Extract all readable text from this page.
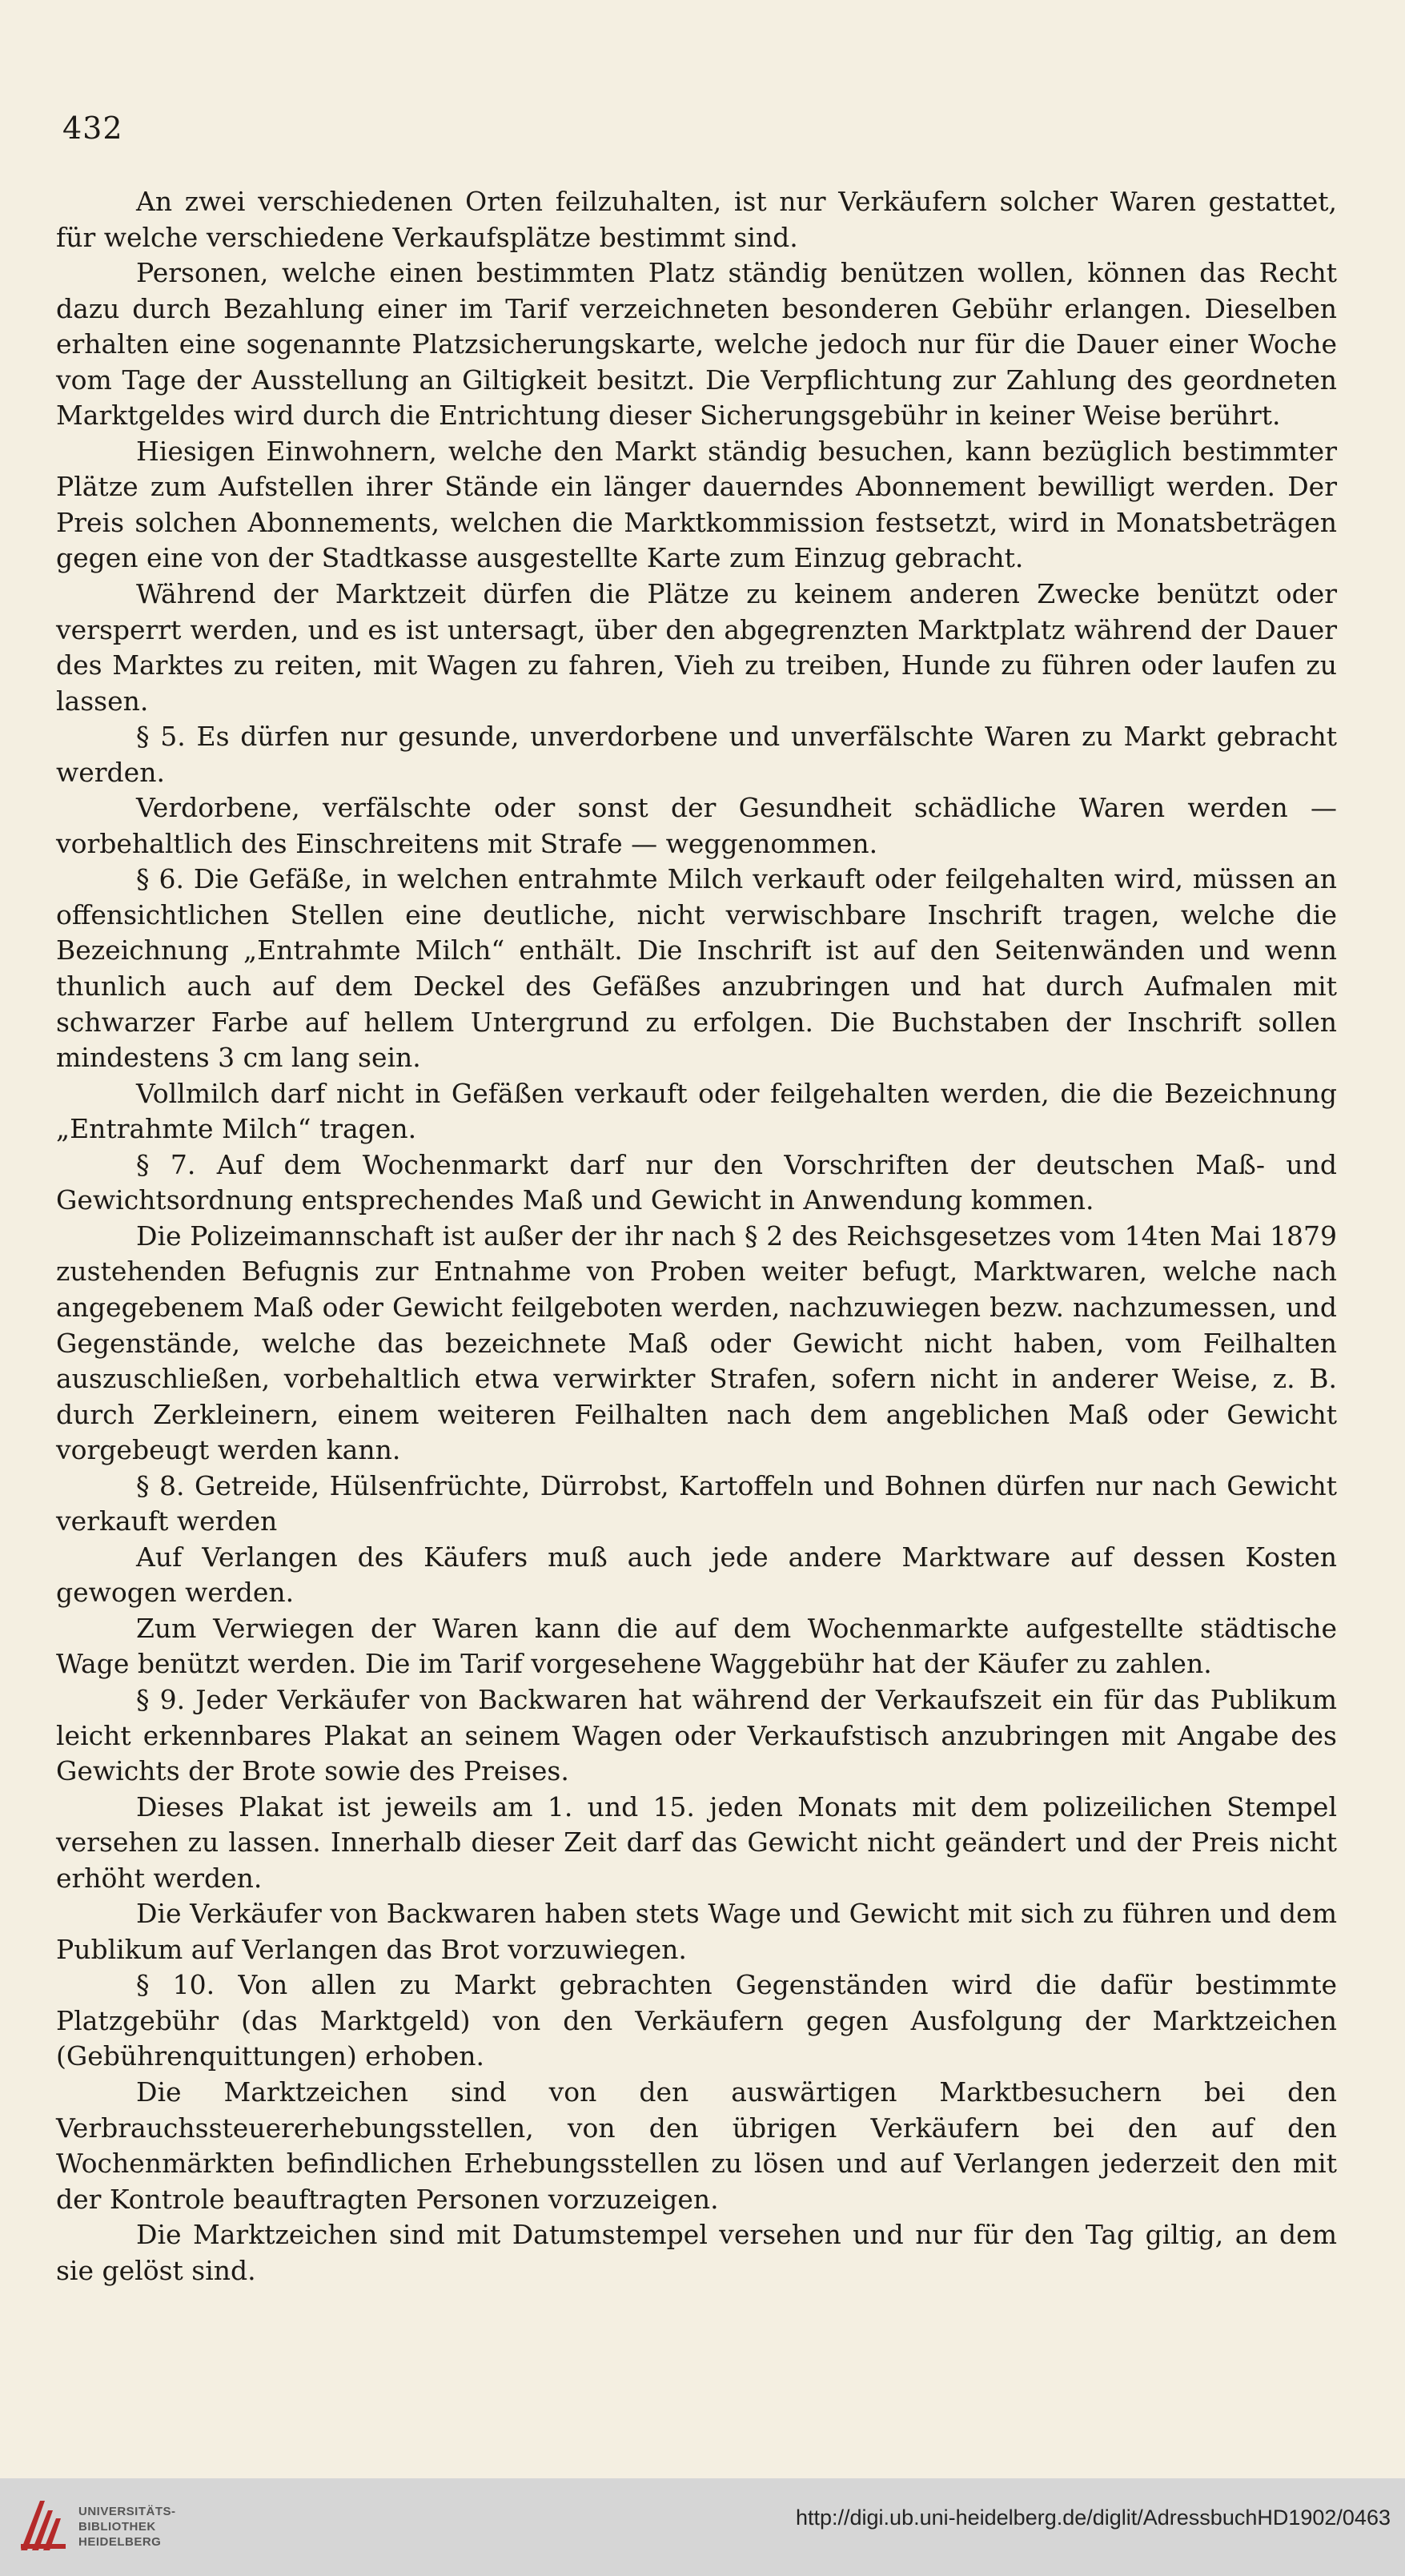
432

An zwei verschiedenen Orten feilzuhalten, ist nur Verkäufern solcher Waren gestattet, für welche verschiedene Verkaufsplätze bestimmt sind.

Personen, welche einen bestimmten Platz ständig benützen wollen, können das Recht dazu durch Bezahlung einer im Tarif verzeichneten besonderen Gebühr erlangen. Dieselben erhalten eine sogenannte Platzsicherungskarte, welche jedoch nur für die Dauer einer Woche vom Tage der Ausstellung an Giltigkeit besitzt. Die Verpflichtung zur Zahlung des geordneten Marktgeldes wird durch die Entrichtung dieser Sicherungsgebühr in keiner Weise berührt.

Hiesigen Einwohnern, welche den Markt ständig besuchen, kann bezüglich bestimmter Plätze zum Aufstellen ihrer Stände ein länger dauerndes Abonnement bewilligt werden. Der Preis solchen Abonnements, welchen die Marktkommission festsetzt, wird in Monatsbeträgen gegen eine von der Stadtkasse ausgestellte Karte zum Einzug gebracht.

Während der Marktzeit dürfen die Plätze zu keinem anderen Zwecke benützt oder versperrt werden, und es ist untersagt, über den abgegrenzten Marktplatz während der Dauer des Marktes zu reiten, mit Wagen zu fahren, Vieh zu treiben, Hunde zu führen oder laufen zu lassen.

§ 5. Es dürfen nur gesunde, unverdorbene und unverfälschte Waren zu Markt gebracht werden.

Verdorbene, verfälschte oder sonst der Gesundheit schädliche Waren werden — vorbehaltlich des Einschreitens mit Strafe — weggenommen.

§ 6. Die Gefäße, in welchen entrahmte Milch verkauft oder feilgehalten wird, müssen an offensichtlichen Stellen eine deutliche, nicht verwischbare Inschrift tragen, welche die Bezeichnung „Entrahmte Milch“ enthält. Die Inschrift ist auf den Seitenwänden und wenn thunlich auch auf dem Deckel des Gefäßes anzubringen und hat durch Aufmalen mit schwarzer Farbe auf hellem Untergrund zu erfolgen. Die Buchstaben der Inschrift sollen mindestens 3 cm lang sein.

Vollmilch darf nicht in Gefäßen verkauft oder feilgehalten werden, die die Bezeichnung „Entrahmte Milch“ tragen.

§ 7. Auf dem Wochenmarkt darf nur den Vorschriften der deutschen Maß- und Gewichtsordnung entsprechendes Maß und Gewicht in Anwendung kommen.

Die Polizeimannschaft ist außer der ihr nach § 2 des Reichsgesetzes vom 14ten Mai 1879 zustehenden Befugnis zur Entnahme von Proben weiter befugt, Marktwaren, welche nach angegebenem Maß oder Gewicht feilgeboten werden, nachzuwiegen bezw. nachzumessen, und Gegenstände, welche das bezeichnete Maß oder Gewicht nicht haben, vom Feilhalten auszuschließen, vorbehaltlich etwa verwirkter Strafen, sofern nicht in anderer Weise, z. B. durch Zerkleinern, einem weiteren Feilhalten nach dem angeblichen Maß oder Gewicht vorgebeugt werden kann.

§ 8. Getreide, Hülsenfrüchte, Dürrobst, Kartoffeln und Bohnen dürfen nur nach Gewicht verkauft werden

Auf Verlangen des Käufers muß auch jede andere Marktware auf dessen Kosten gewogen werden.

Zum Verwiegen der Waren kann die auf dem Wochenmarkte aufgestellte städtische Wage benützt werden. Die im Tarif vorgesehene Waggebühr hat der Käufer zu zahlen.

§ 9. Jeder Verkäufer von Backwaren hat während der Verkaufszeit ein für das Publikum leicht erkennbares Plakat an seinem Wagen oder Verkaufstisch anzubringen mit Angabe des Gewichts der Brote sowie des Preises.

Dieses Plakat ist jeweils am 1. und 15. jeden Monats mit dem polizeilichen Stempel versehen zu lassen. Innerhalb dieser Zeit darf das Gewicht nicht geändert und der Preis nicht erhöht werden.

Die Verkäufer von Backwaren haben stets Wage und Gewicht mit sich zu führen und dem Publikum auf Verlangen das Brot vorzuwiegen.

§ 10. Von allen zu Markt gebrachten Gegenständen wird die dafür bestimmte Platzgebühr (das Marktgeld) von den Verkäufern gegen Ausfolgung der Marktzeichen (Gebührenquittungen) erhoben.

Die Marktzeichen sind von den auswärtigen Marktbesuchern bei den Verbrauchssteuererhebungsstellen, von den übrigen Verkäufern bei den auf den Wochenmärkten befindlichen Erhebungsstellen zu lösen und auf Verlangen jederzeit den mit der Kontrole beauftragten Personen vorzuzeigen.

Die Marktzeichen sind mit Datumstempel versehen und nur für den Tag giltig, an dem sie gelöst sind.

UNIVERSITÄTS-
BIBLIOTHEK
HEIDELBERG
http://digi.ub.uni-heidelberg.de/diglit/AdressbuchHD1902/0463
